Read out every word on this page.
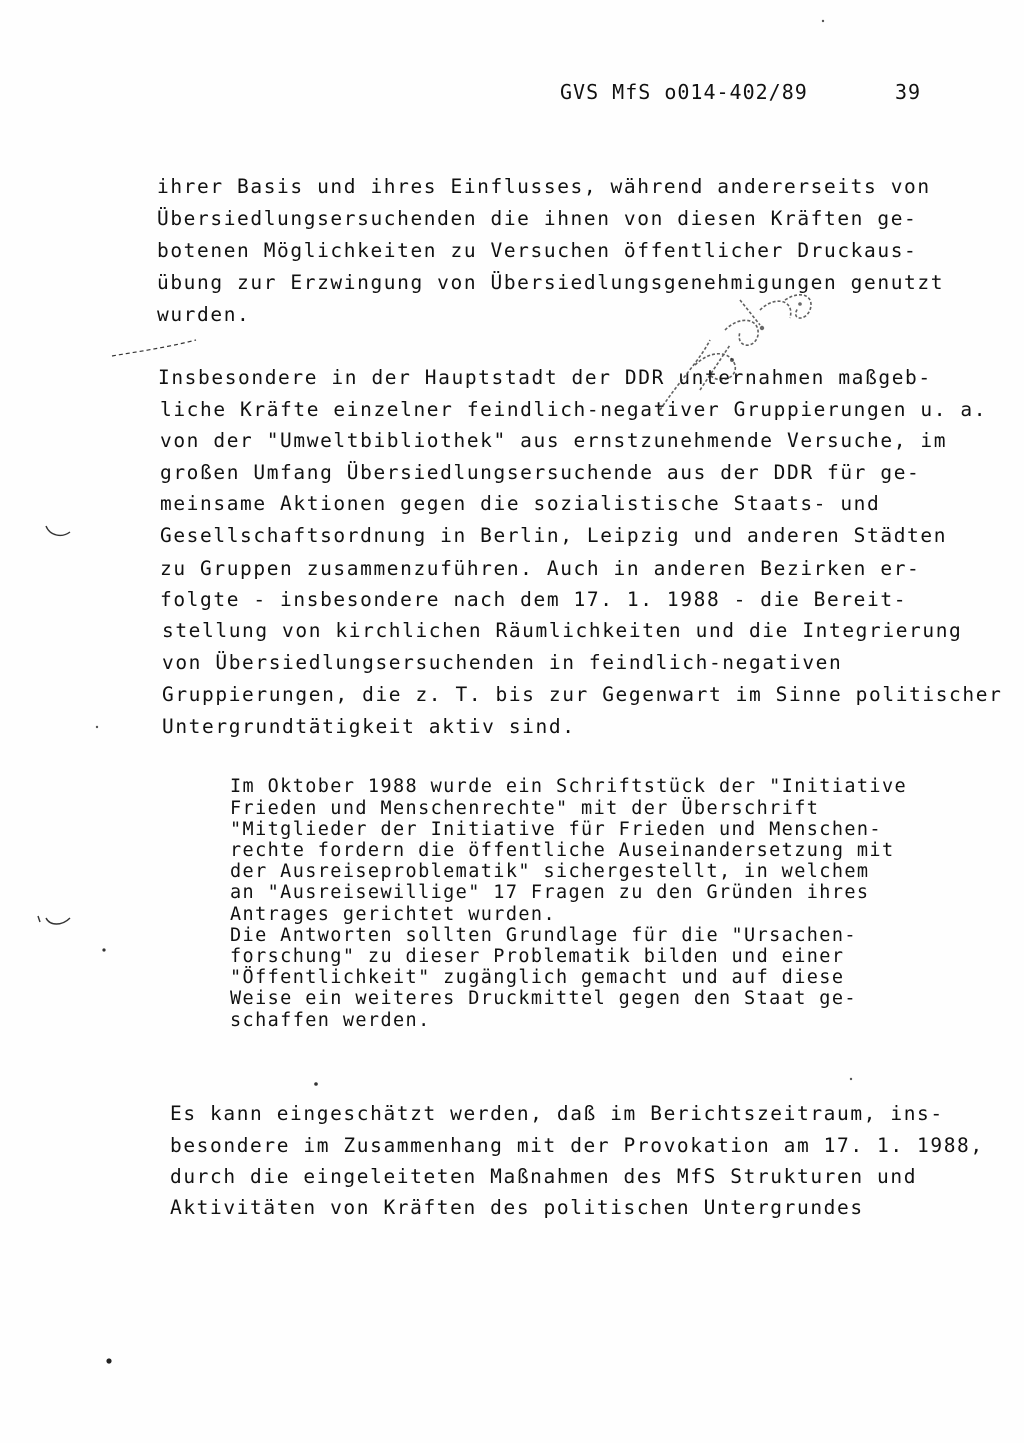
GVS MfS o014-402/89	39
ihrer Basis und ihres Einflusses, während andererseits von
Übersiedlungsersuchenden die ihnen von diesen Kräften ge-
botenen Möglichkeiten zu Versuchen öffentlicher Druckaus-
übung zur Erzwingung von Übersiedlungsgenehmigungen genutzt
wurden.
Insbesondere in der Hauptstadt der DDR unternahmen maßgeb-
liche Kräfte einzelner feindlich-negativer Gruppierungen u. a.
von der "Umweltbibliothek" aus ernstzunehmende Versuche, im
großen Umfang Übersiedlungsersuchende aus der DDR für ge-
meinsame Aktionen gegen die sozialistische Staats- und
Gesellschaftsordnung in Berlin, Leipzig und anderen Städten
zu Gruppen zusammenzuführen. Auch in anderen Bezirken er-
folgte - insbesondere nach dem 17. 1. 1988 - die Bereit-
stellung von kirchlichen Räumlichkeiten und die Integrierung
von Übersiedlungsersuchenden in feindlich-negativen
Gruppierungen, die z. T. bis zur Gegenwart im Sinne politischer
Untergrundtätigkeit aktiv sind.
Im Oktober 1988 wurde ein Schriftstück der "Initiative
Frieden und Menschenrechte" mit der Überschrift
"Mitglieder der Initiative für Frieden und Menschen-
rechte fordern die öffentliche Auseinandersetzung mit
der Ausreiseproblematik" sichergestellt, in welchem
an "Ausreisewillige" 17 Fragen zu den Gründen ihres
Antrages gerichtet wurden.
Die Antworten sollten Grundlage für die "Ursachen-
forschung" zu dieser Problematik bilden und einer
"Öffentlichkeit" zugänglich gemacht und auf diese
Weise ein weiteres Druckmittel gegen den Staat ge-
schaffen werden.
Es kann eingeschätzt werden, daß im Berichtszeitraum, ins-
besondere im Zusammenhang mit der Provokation am 17. 1. 1988,
durch die eingeleiteten Maßnahmen des MfS Strukturen und
Aktivitäten von Kräften des politischen Untergrundes
